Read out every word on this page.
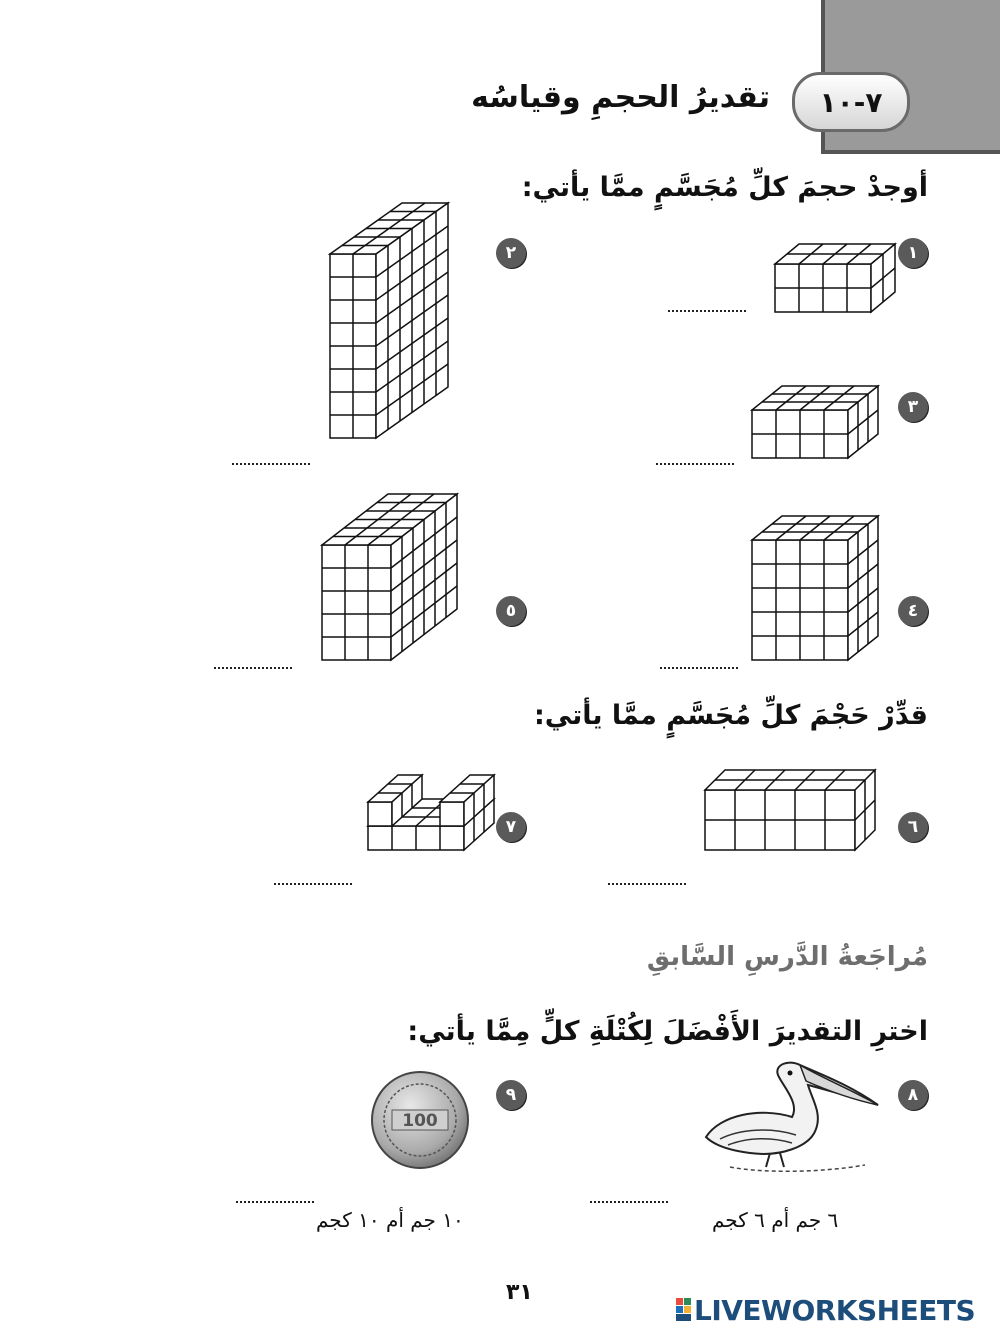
٧-١٠
تقديرُ الحجمِ وقياسُه
أوجدْ حجمَ كلِّ مُجَسَّمٍ ممَّا يأتي:
١
٢
٣
٤
٥
قدِّرْ حَجْمَ كلِّ مُجَسَّمٍ ممَّا يأتي:
٦
٧
مُراجَعةُ الدَّرسِ السَّابقِ
اخترِ التقديرَ الأَفْضَلَ لِكُتْلَةِ كلٍّ مِمَّا يأتي:
٨
٩
٦ جم أم ٦ كجم
١٠ جم أم ١٠ كجم
100
٣١
LIVEWORKSHEETS
